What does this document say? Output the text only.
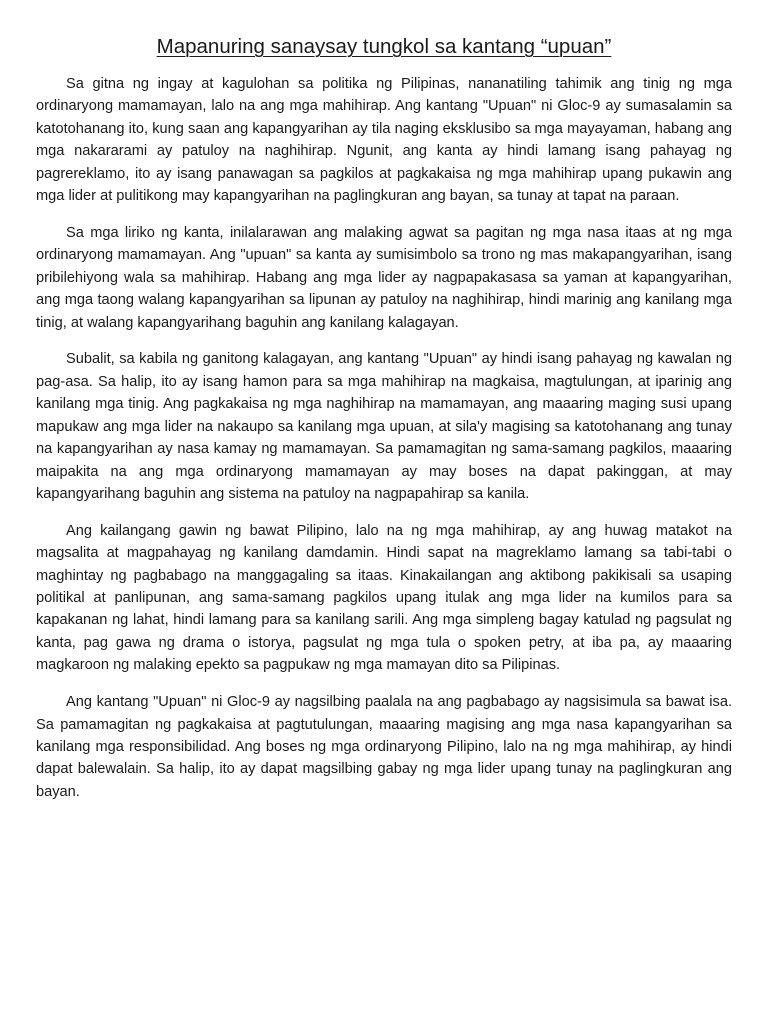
Mapanuring sanaysay tungkol sa kantang “upuan”

Sa gitna ng ingay at kagulohan sa politika ng Pilipinas, nananatiling tahimik ang tinig ng mga ordinaryong mamamayan, lalo na ang mga mahihirap. Ang kantang "Upuan" ni Gloc-9 ay sumasalamin sa katotohanang ito, kung saan ang kapangyarihan ay tila naging eksklusibo sa mga mayayaman, habang ang mga nakararami ay patuloy na naghihirap. Ngunit, ang kanta ay hindi lamang isang pahayag ng pagrereklamo, ito ay isang panawagan sa pagkilos at pagkakaisa ng mga mahihirap upang pukawin ang mga lider at pulitikong may kapangyarihan na paglingkuran ang bayan, sa tunay at tapat na paraan.

Sa mga liriko ng kanta, inilalarawan ang malaking agwat sa pagitan ng mga nasa itaas at ng mga ordinaryong mamamayan. Ang "upuan" sa kanta ay sumisimbolo sa trono ng mas makapangyarihan, isang pribilehiyong wala sa mahihirap. Habang ang mga lider ay nagpapakasasa sa yaman at kapangyarihan, ang mga taong walang kapangyarihan sa lipunan ay patuloy na naghihirap, hindi marinig ang kanilang mga tinig, at walang kapangyarihang baguhin ang kanilang kalagayan.

Subalit, sa kabila ng ganitong kalagayan, ang kantang "Upuan" ay hindi isang pahayag ng kawalan ng pag-asa. Sa halip, ito ay isang hamon para sa mga mahihirap na magkaisa, magtulungan, at iparinig ang kanilang mga tinig. Ang pagkakaisa ng mga naghihirap na mamamayan, ang maaaring maging susi upang mapukaw ang mga lider na nakaupo sa kanilang mga upuan, at sila'y magising sa katotohanang ang tunay na kapangyarihan ay nasa kamay ng mamamayan. Sa pamamagitan ng sama-samang pagkilos, maaaring maipakita na ang mga ordinaryong mamamayan ay may boses na dapat pakinggan, at may kapangyarihang baguhin ang sistema na patuloy na nagpapahirap sa kanila.

Ang kailangang gawin ng bawat Pilipino, lalo na ng mga mahihirap, ay ang huwag matakot na magsalita at magpahayag ng kanilang damdamin. Hindi sapat na magreklamo lamang sa tabi-tabi o maghintay ng pagbabago na manggagaling sa itaas. Kinakailangan ang aktibong pakikisali sa usaping politikal at panlipunan, ang sama-samang pagkilos upang itulak ang mga lider na kumilos para sa kapakanan ng lahat, hindi lamang para sa kanilang sarili. Ang mga simpleng bagay katulad ng pagsulat ng kanta, pag gawa ng drama o istorya, pagsulat ng mga tula o spoken petry, at iba pa, ay maaaring magkaroon ng malaking epekto sa pagpukaw ng mga mamayan dito sa Pilipinas.

Ang kantang "Upuan" ni Gloc-9 ay nagsilbing paalala na ang pagbabago ay nagsisimula sa bawat isa. Sa pamamagitan ng pagkakaisa at pagtutulungan, maaaring magising ang mga nasa kapangyarihan sa kanilang mga responsibilidad. Ang boses ng mga ordinaryong Pilipino, lalo na ng mga mahihirap, ay hindi dapat balewalain. Sa halip, ito ay dapat magsilbing gabay ng mga lider upang tunay na paglingkuran ang bayan.
